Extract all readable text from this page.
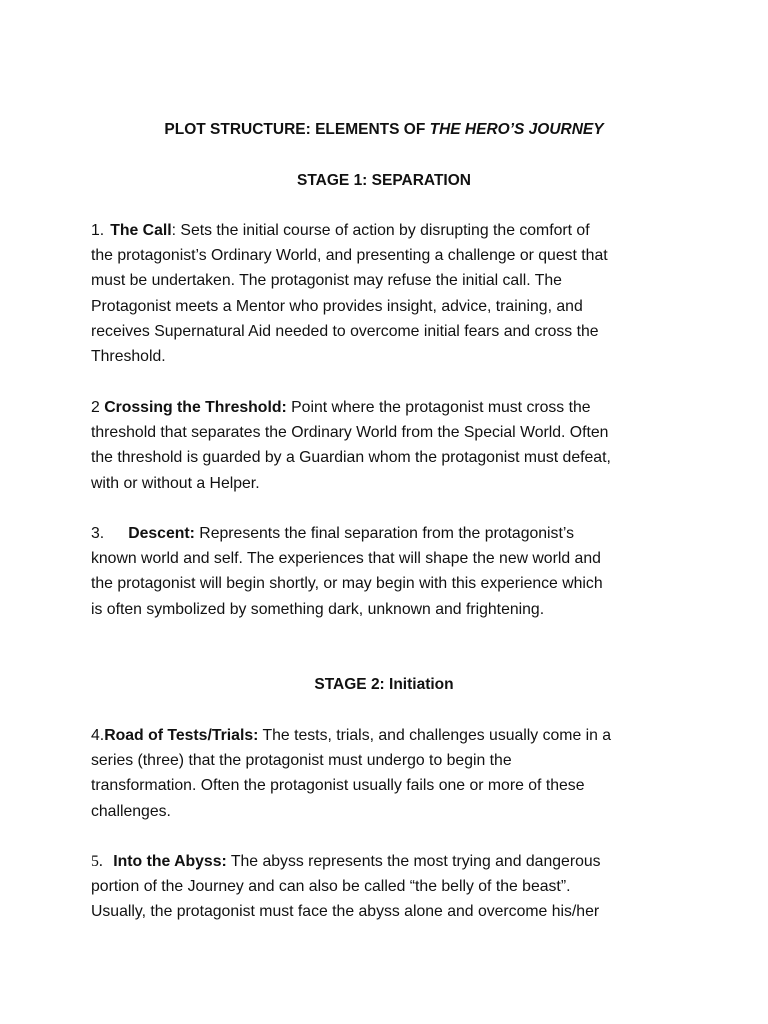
PLOT STRUCTURE: ELEMENTS OF THE HERO’S JOURNEY
STAGE 1: SEPARATION
1. The Call: Sets the initial course of action by disrupting the comfort of
the protagonist’s Ordinary World, and presenting a challenge or quest that
must be undertaken. The protagonist may refuse the initial call. The
Protagonist meets a Mentor who provides insight, advice, training, and
receives Supernatural Aid needed to overcome initial fears and cross the
Threshold.
2 Crossing the Threshold: Point where the protagonist must cross the
threshold that separates the Ordinary World from the Special World. Often
the threshold is guarded by a Guardian whom the protagonist must defeat,
with or without a Helper.
3. Descent: Represents the final separation from the protagonist’s
known world and self. The experiences that will shape the new world and
the protagonist will begin shortly, or may begin with this experience which
is often symbolized by something dark, unknown and frightening.
STAGE 2: Initiation
4.Road of Tests/Trials: The tests, trials, and challenges usually come in a
series (three) that the protagonist must undergo to begin the
transformation. Often the protagonist usually fails one or more of these
challenges.
5. Into the Abyss: The abyss represents the most trying and dangerous
portion of the Journey and can also be called “the belly of the beast”.
Usually, the protagonist must face the abyss alone and overcome his/her
